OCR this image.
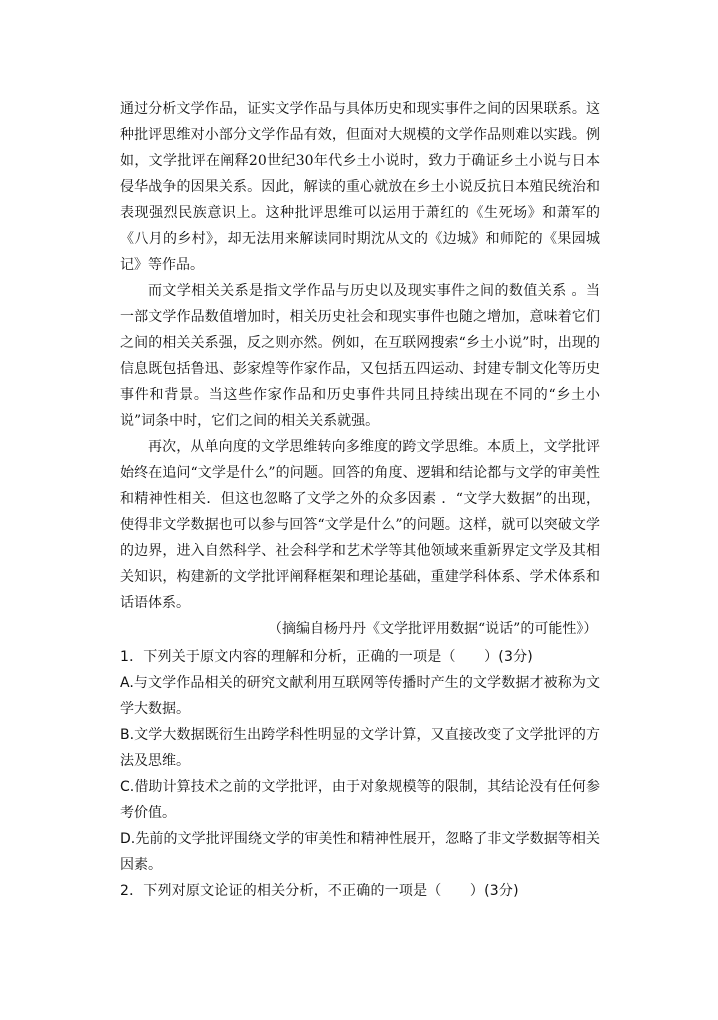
通过分析文学作品，证实文学作品与具体历史和现实事件之间的因果联系。这种批评思维对小部分文学作品有效，但面对大规模的文学作品则难以实践。例如，文学批评在阐释20世纪30年代乡土小说时，致力于确证乡土小说与日本侵华战争的因果关系。因此，解读的重心就放在乡土小说反抗日本殖民统治和表现强烈民族意识上。这种批评思维可以运用于萧红的《生死场》和萧军的《八月的乡村》，却无法用来解读同时期沈从文的《边城》和师陀的《果园城记》等作品。

而文学相关关系是指文学作品与历史以及现实事件之间的数值关系 。当一部文学作品数值增加时，相关历史社会和现实事件也随之增加，意味着它们之间的相关关系强，反之则亦然。例如，在互联网搜索“乡土小说”时，出现的信息既包括鲁迅、彭家煌等作家作品，又包括五四运动、封建专制文化等历史事件和背景。当这些作家作品和历史事件共同且持续出现在不同的“乡土小说”词条中时，它们之间的相关关系就强。

再次，从单向度的文学思维转向多维度的跨文学思维。本质上，文学批评始终在追问“文学是什么”的问题。回答的角度、逻辑和结论都与文学的审美性和精神性相关．但这也忽略了文学之外的众多因素 ．“文学大数据”的出现，使得非文学数据也可以参与回答“文学是什么”的问题。这样，就可以突破文学的边界，进入自然科学、社会科学和艺术学等其他领域来重新界定文学及其相关知识，构建新的文学批评阐释框架和理论基础，重建学科体系、学术体系和话语体系。

（摘编自杨丹丹《文学批评用数据“说话”的可能性》）

1．下列关于原文内容的理解和分析，正确的一项是（　　）(3分)

A.与文学作品相关的研究文献利用互联网等传播时产生的文学数据才被称为文学大数据。

B.文学大数据既衍生出跨学科性明显的文学计算，又直接改变了文学批评的方法及思维。

C.借助计算技术之前的文学批评，由于对象规模等的限制，其结论没有任何参考价值。

D.先前的文学批评围绕文学的审美性和精神性展开，忽略了非文学数据等相关因素。

2．下列对原文论证的相关分析，不正确的一项是（　　）(3分)
